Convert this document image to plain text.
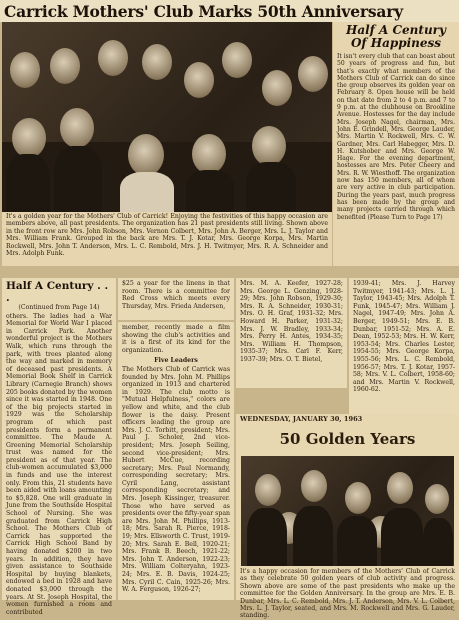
Carrick Mothers' Club Marks 50th Anniversary
Half A Century Of Happiness
It isn't every club that can boast about 50 years of progress and fun, but that's exactly what members of the Mothers Club of Carrick can do since the group observes its golden year on February 8. Open house will be held on that date from 2 to 4 p.m. and 7 to 9 p.m. at the clubhouse on Brookline Avenue. Hostesses for the day include Mrs. Joseph Nagel, chairman, Mrs. John E. Grindell, Mrs. George Lauder, Mrs. Martin V. Rockwell, Mrs. C. W. Gardner, Mrs. Carl Habegger, Mrs. D. H. Kutshober and Mrs. George W. Hage. For the evening department, hostesses are Mrs. Peter Cheery and Mrs. R. W. Wiesthoff. The organization now has 150 members, all of whom are very active in club participation. During the years past, much progress has been made by the group and many projects carried through which benefited (Please Turn to Page 17)
It's a golden year for the Mothers' Club of Carrick! Enjoying the festivities of this happy occasion are members above, all past presidents. The organization has 21 past presidents still living. Shown above in the front row are Mrs. John Robson, Mrs. Vernon Colbert, Mrs. John A. Berger, Mrs. L. J. Taylor and Mrs. William Frank. Grouped in the back are Mrs. T. J. Kotar, Mrs. George Korpa, Mrs. Martin Rockwell, Mrs. John T. Anderson, Mrs. L. C. Rembold, Mrs. J. H. Twitmyer, Mrs. R. A. Schneider and Mrs. Adolph Funk.
Half A Century . . .
(Continued from Page 14)
others. The ladies had a War Memorial for World War I placed in Carrick Park. Another wonderful project is the Mothers Walk, which runs through the park, with trees planted along the way and marked in memory of deceased past presidents. A Memorial Book Shelf in Carrick Library (Carnegie Branch) shows 205 books donated by the women since it was started in 1948. One of the big projects started in 1929 was the Scholarship program of which past presidents form a permanent committee. The Maude A. Greening Memorial Scholarship trust was named for the president as of that year. The club-women accumulated $3,000 in funds and use the interest only. From this, 21 students have been aided with loans amounting to $5,828. One will graduate in June from the Southside Hospital School of Nursing. She was graduated from Carrick High School. The Mothers Club of Carrick has supported the Carrick High School Band by having donated $200 in two years. In addition, they have given assistance to Southside Hospital by buying blankets, endowed a bed in 1928 and have donated $3,000 through the years. At St. Joseph Hospital, the women furnished a room and contributed
$25 a year for the linens in that room. There is a committee for Red Cross which meets every Thursday, Mrs. Frieda Andersen,
member, recently made a film showing the club's activities and it is a first of its kind for the organization.
Five Leaders
The Mothers Club of Carrick was founded by Mrs. John M. Phillips organized in 1913 and chartered in 1929. The club motto is "Mutual Helpfulness," colors are yellow and white, and the club flower is the daisy. Present officers leading the group are Mrs. J. C. Torbitt, president; Mrs. Paul J. Scholer, 2nd vice-president; Mrs. Joseph Seiling, second vice-president; Mrs. Hubert McCue, recording secretary; Mrs. Paul Normandy, corresponding secretary; Mrs. Cyril Lang, assistant corresponding secretary; and Mrs. Joseph Kissinger, treasurer. Those who have served as presidents over the fifty-year span are Mrs. John M. Phillips, 1913-18; Mrs. Sarah R. Pierce, 1918-19; Mrs. Ellsworth C. Trust, 1919-20; Mrs. Sarah E. Bell, 1920-21; Mrs. Frank B. Beech, 1921-22; Mrs. John T. Anderson, 1922-23; Mrs. William Colteryahn, 1923-24; Mrs. E. B. Davis, 1924-25; Mrs. Cyril C. Cain, 1925-26; Mrs. W. A. Ferguson, 1926-27;
Mrs. M. A. Keefer, 1927-28; Mrs. George L. Genzing, 1928-29; Mrs. John Robson, 1929-30; Mrs. R. A. Schneider, 1930-31; Mrs. O. H. Graf, 1931-32; Mrs. Howard H. Parker, 1931-32; Mrs. J. W. Bradley, 1933-34; Mrs. Perry H. Antes, 1934-35; Mrs. William H. Thompson, 1935-37; Mrs. Carl F. Kerr, 1937-39; Mrs. O. T. Bietel,
1939-41; Mrs. J. Harvey Twitmyer, 1941-43; Mrs. L. J. Taylor, 1943-45; Mrs. Adolph T. Funk, 1945-47; Mrs. William J. Nagel, 1947-49; Mrs. John A. Berger, 1949-51; Mrs. E. B. Dunbar, 1951-52; Mrs. A. E. Dean, 1952-53; Mrs. H. W. Kerr, 1953-54; Mrs. Charles Lester, 1954-55; Mrs. George Korpa, 1955-56; Mrs. L. C. Rembold, 1956-57; Mrs. T. J. Kotar, 1957-58; Mrs. V. L. Colbert, 1958-60; and Mrs. Martin V. Rockwell, 1960-62.
WEDNESDAY, JANUARY 30, 1963
50 Golden Years
It's a happy occasion for members of the Mothers' Club of Carrick as they celebrate 50 golden years of club activity and progress. Shown above are some of the past presidents who make up the committee for the Golden Anniversary. In the group are Mrs. E. B. Dunbar, Mrs. L. C. Rembold, Mrs. J. T. Anderson, Mrs. V. L. Colbert, Mrs. L. J. Taylor, seated, and Mrs. M. Rockwell and Mrs. G. Lauder, standing.
